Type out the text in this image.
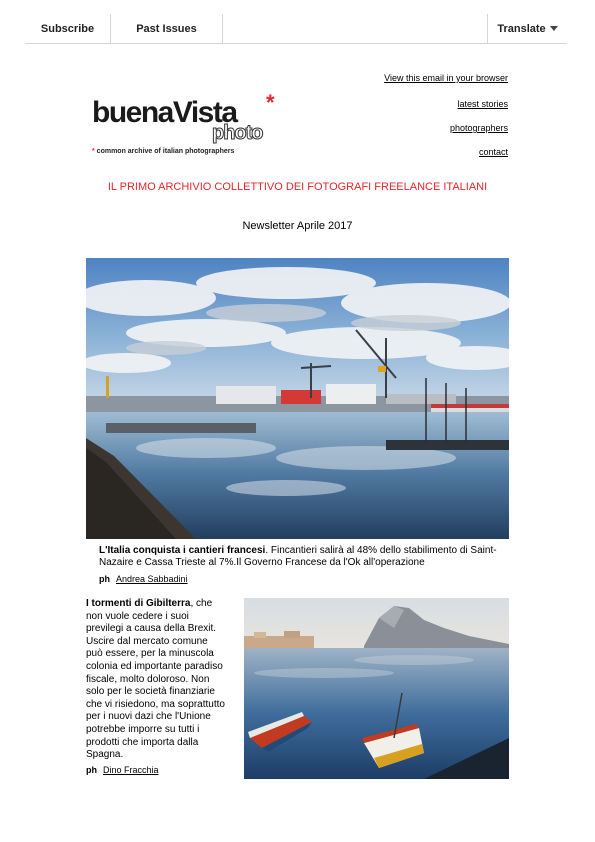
Subscribe	Past Issues	Translate
View this email in your browser
latest stories
photographers
contact
buenaVista *
photo
* common archive of italian photographers
IL PRIMO ARCHIVIO COLLETTIVO DEI FOTOGRAFI FREELANCE ITALIANI
Newsletter Aprile 2017
L'Italia conquista i cantieri francesi. Fincantieri salirà al 48% dello stabilimento di Saint-Nazaire e Cassa Trieste al 7%.Il Governo Francese da l'Ok all'operazione
ph Andrea Sabbadini
I tormenti di Gibilterra, che non vuole cedere i suoi previlegi a causa della Brexit. Uscire dal mercato comune può essere, per la minuscola colonia ed importante paradiso fiscale, molto doloroso. Non solo per le società finanziarie che vi risiedono, ma soprattutto per i nuovi dazi che l'Unione potrebbe imporre su tutti i prodotti che importa dalla Spagna.
ph Dino Fracchia
